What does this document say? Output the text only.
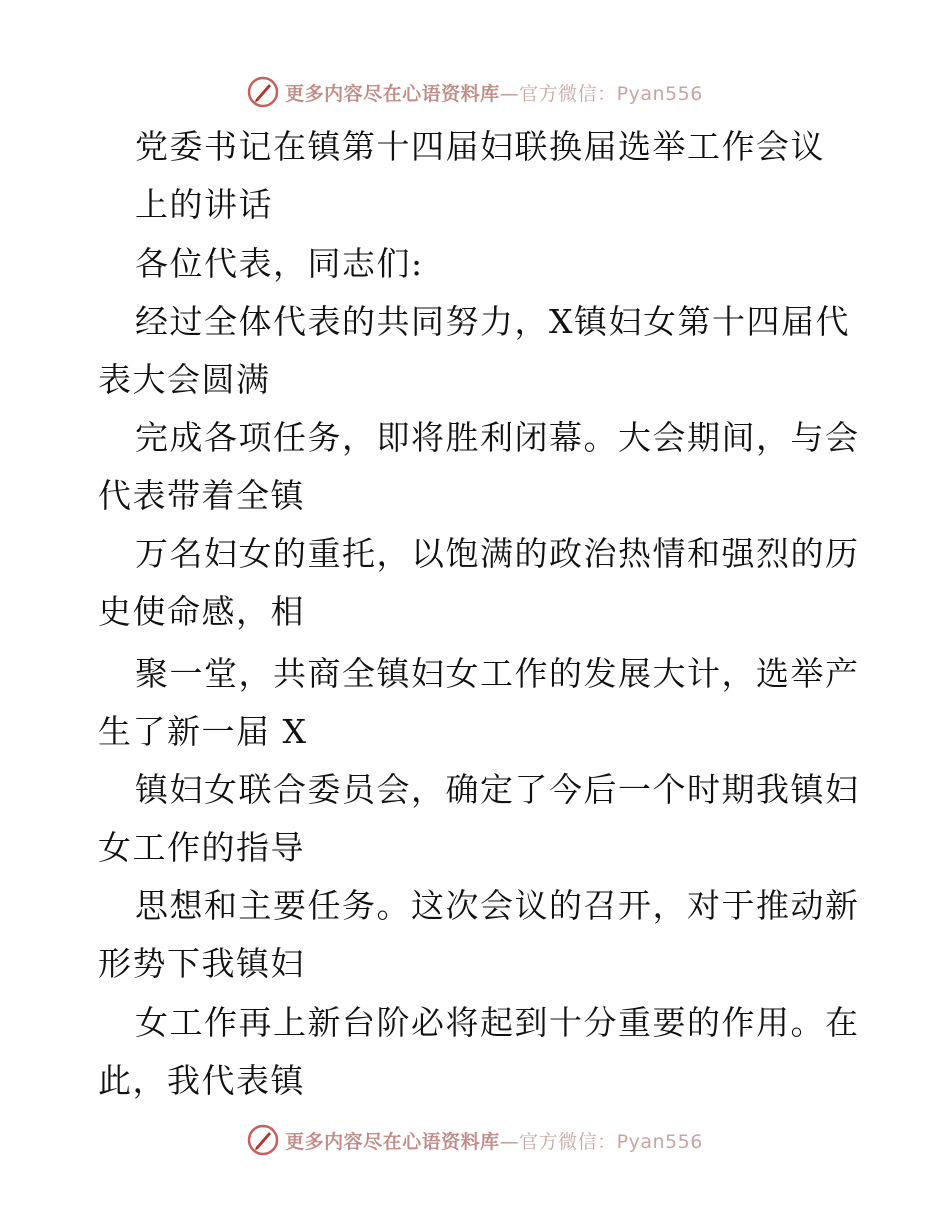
更多内容尽在心语资料库—官方微信：Pyan556
党委书记在镇第十四届妇联换届选举工作会议
上的讲话
各位代表，同志们:
经过全体代表的共同努力，X镇妇女第十四届代
表大会圆满
完成各项任务，即将胜利闭幕。大会期间，与会
代表带着全镇
万名妇女的重托，以饱满的政治热情和强烈的历
史使命感，相
聚一堂，共商全镇妇女工作的发展大计，选举产
生了新一届 X
镇妇女联合委员会，确定了今后一个时期我镇妇
女工作的指导
思想和主要任务。这次会议的召开，对于推动新
形势下我镇妇
女工作再上新台阶必将起到十分重要的作用。在
此，我代表镇
更多内容尽在心语资料库—官方微信：Pyan556
